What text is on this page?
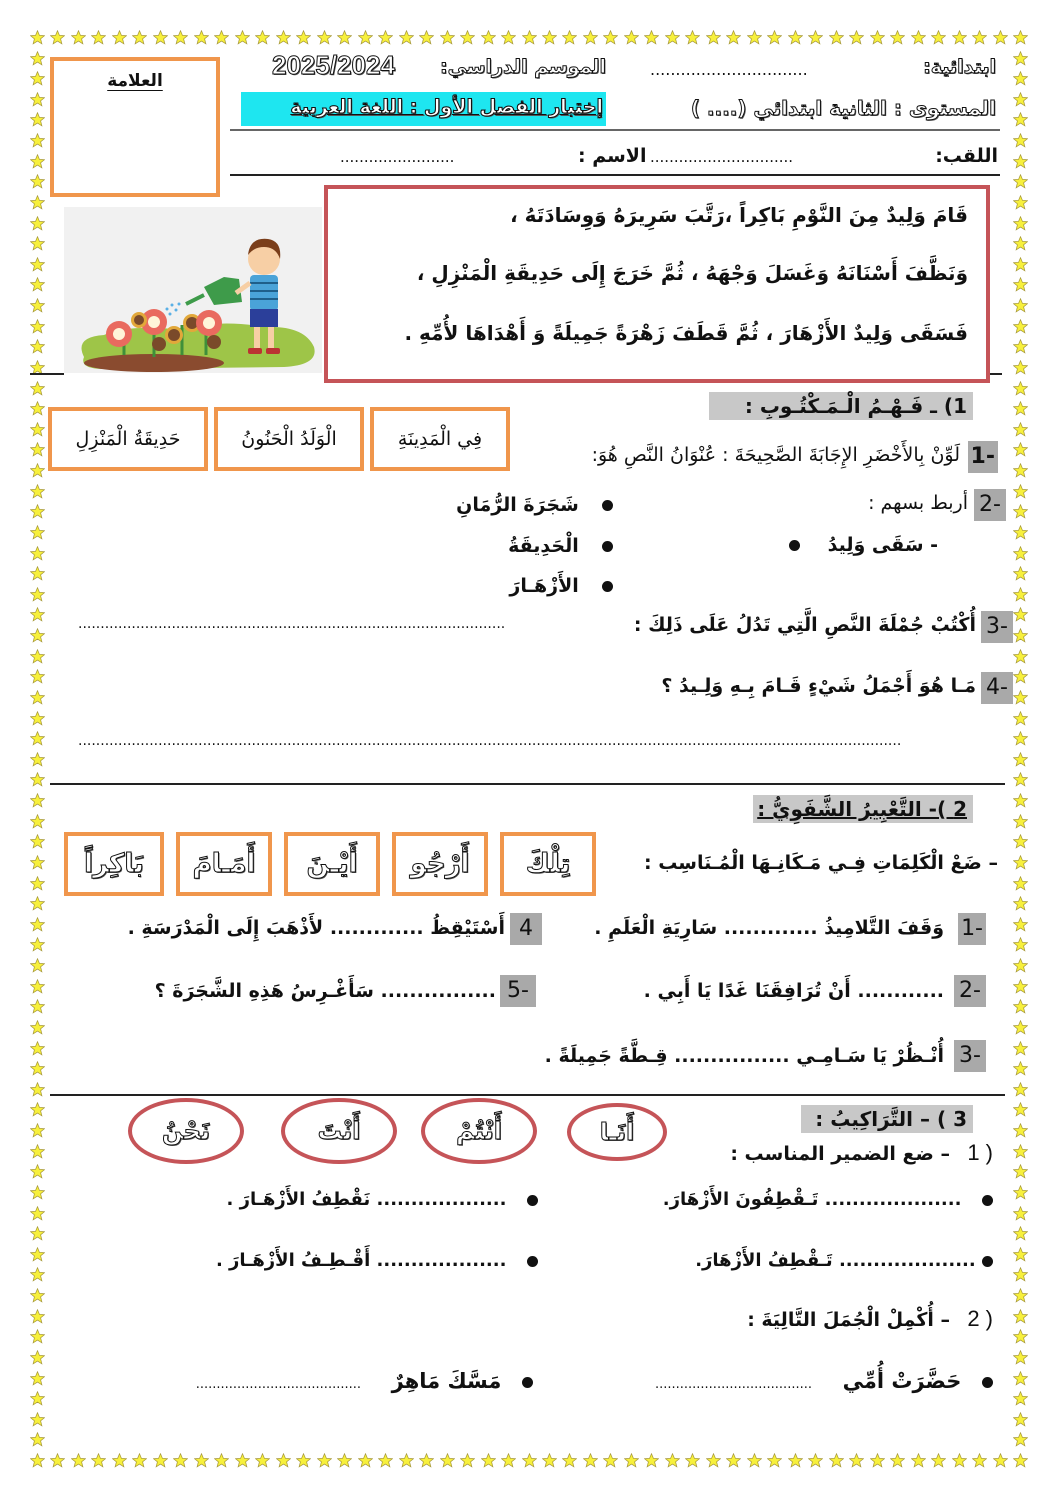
ابتدائية:
...............................
الموسم الدراسي:
2025/2024
المستوى : الثانية ابتدائي (.... )
إختبار الفصل الأول : اللغة العربية
اللقب:
..............................
الاسم :
........................
العلامة
قَامَ وَلِيدٌ مِنَ النَّوْمِ بَاكِراً ،رَتَّبَ سَرِيرَهُ وَوِسَادَتَهُ ،
وَنَظَّفَ أَسْنَانَهُ وَغَسَلَ وَجْهَهُ ، ثُمَّ خَرَجَ إِلَى حَدِيقَةِ الْمَنْزِلِ ،
فَسَقَى وَلِيدٌ الأَزْهَارَ ، ثُمَّ قَطَفَ زَهْرَةً جَمِيلَةً وَ أَهْدَاهَا لأُمِّهِ .
1) ـ فَـهْـمُ الْـمَـكْتُـوبِ :
1-
لَوِّنْ بِالأَخْضَرِ الإِجَابَةَ الصَّحِيحَةَ : عُنْوَانُ النَّصِ هُوَ:
فِي الْمَدِينَةِ
الْوَلَدُ الْحَنُونُ
حَدِيقَةُ الْمَنْزِلِ
2-
أربط بسهم :
- سَقَى وَلِيدُ
شَجَرَةَ الرُّمَانِ
الْحَدِيقَةُ
الأَزْهَـارَ
3-
أُكْتُبْ جُمْلَةَ النَّصِ الَّتِي تَدُلُ عَلَى ذَلِكَ :
................................................................................................
4-
مَـا هُوَ أَجْمَلُ شَيْءٍ قَـامَ بِـهِ وَلِـيدُ ؟
.........................................................................................................................................................................................
2 )- التَّعْبِيرُ الشَّفَوِيُّ :
– ضَعْ الْكَلِمَاتِ فِـي مَـكَانِـهَا الْمُـنَاسِب :
تِلْكَ
أَرْجُو
أَيْـنَ
أَمَـامَ
بَاكِراً
1-
وَقَفَ التَّلامِيذُ ............. سَارِيَةِ الْعَلَمِ .
4
أَسْتَيْقِظُ ............. لأَذْهَبَ إِلَى الْمَدْرَسَةِ .
2-
............ أَنْ تُرَافِقَنَا غَدًا يَا أَبِي .
5-
................ سَأَغْـرِسُ هَذِهِ الشَّجَرَةَ ؟
3-
أُنْـظُرْ يَا سَـامِـي ................ قِـطَّةً جَمِيلَةً .
3 ) – التَّرَاكِيبُ :
أَنَـا
أَنْتُمْ
أَنْتَ
نَحْنُ
1 )
– ضع الضمير المناسب :
.................... تَـقْطِفُونَ الأَزْهَارَ.
................... نَقْطِفُ الأَزْهَـارَ .
.................... تَـقْطِفُ الأَزْهَارَ.
................... أَقْـطِـفُ الأَزْهَـارَ .
2 )
– أُكْمِلْ الْجُمَلَ التَّالِيَةَ :
حَضَّرَتْ أُمِّي  ......................................
مَسَّكَ مَاهِرٌ  ........................................
